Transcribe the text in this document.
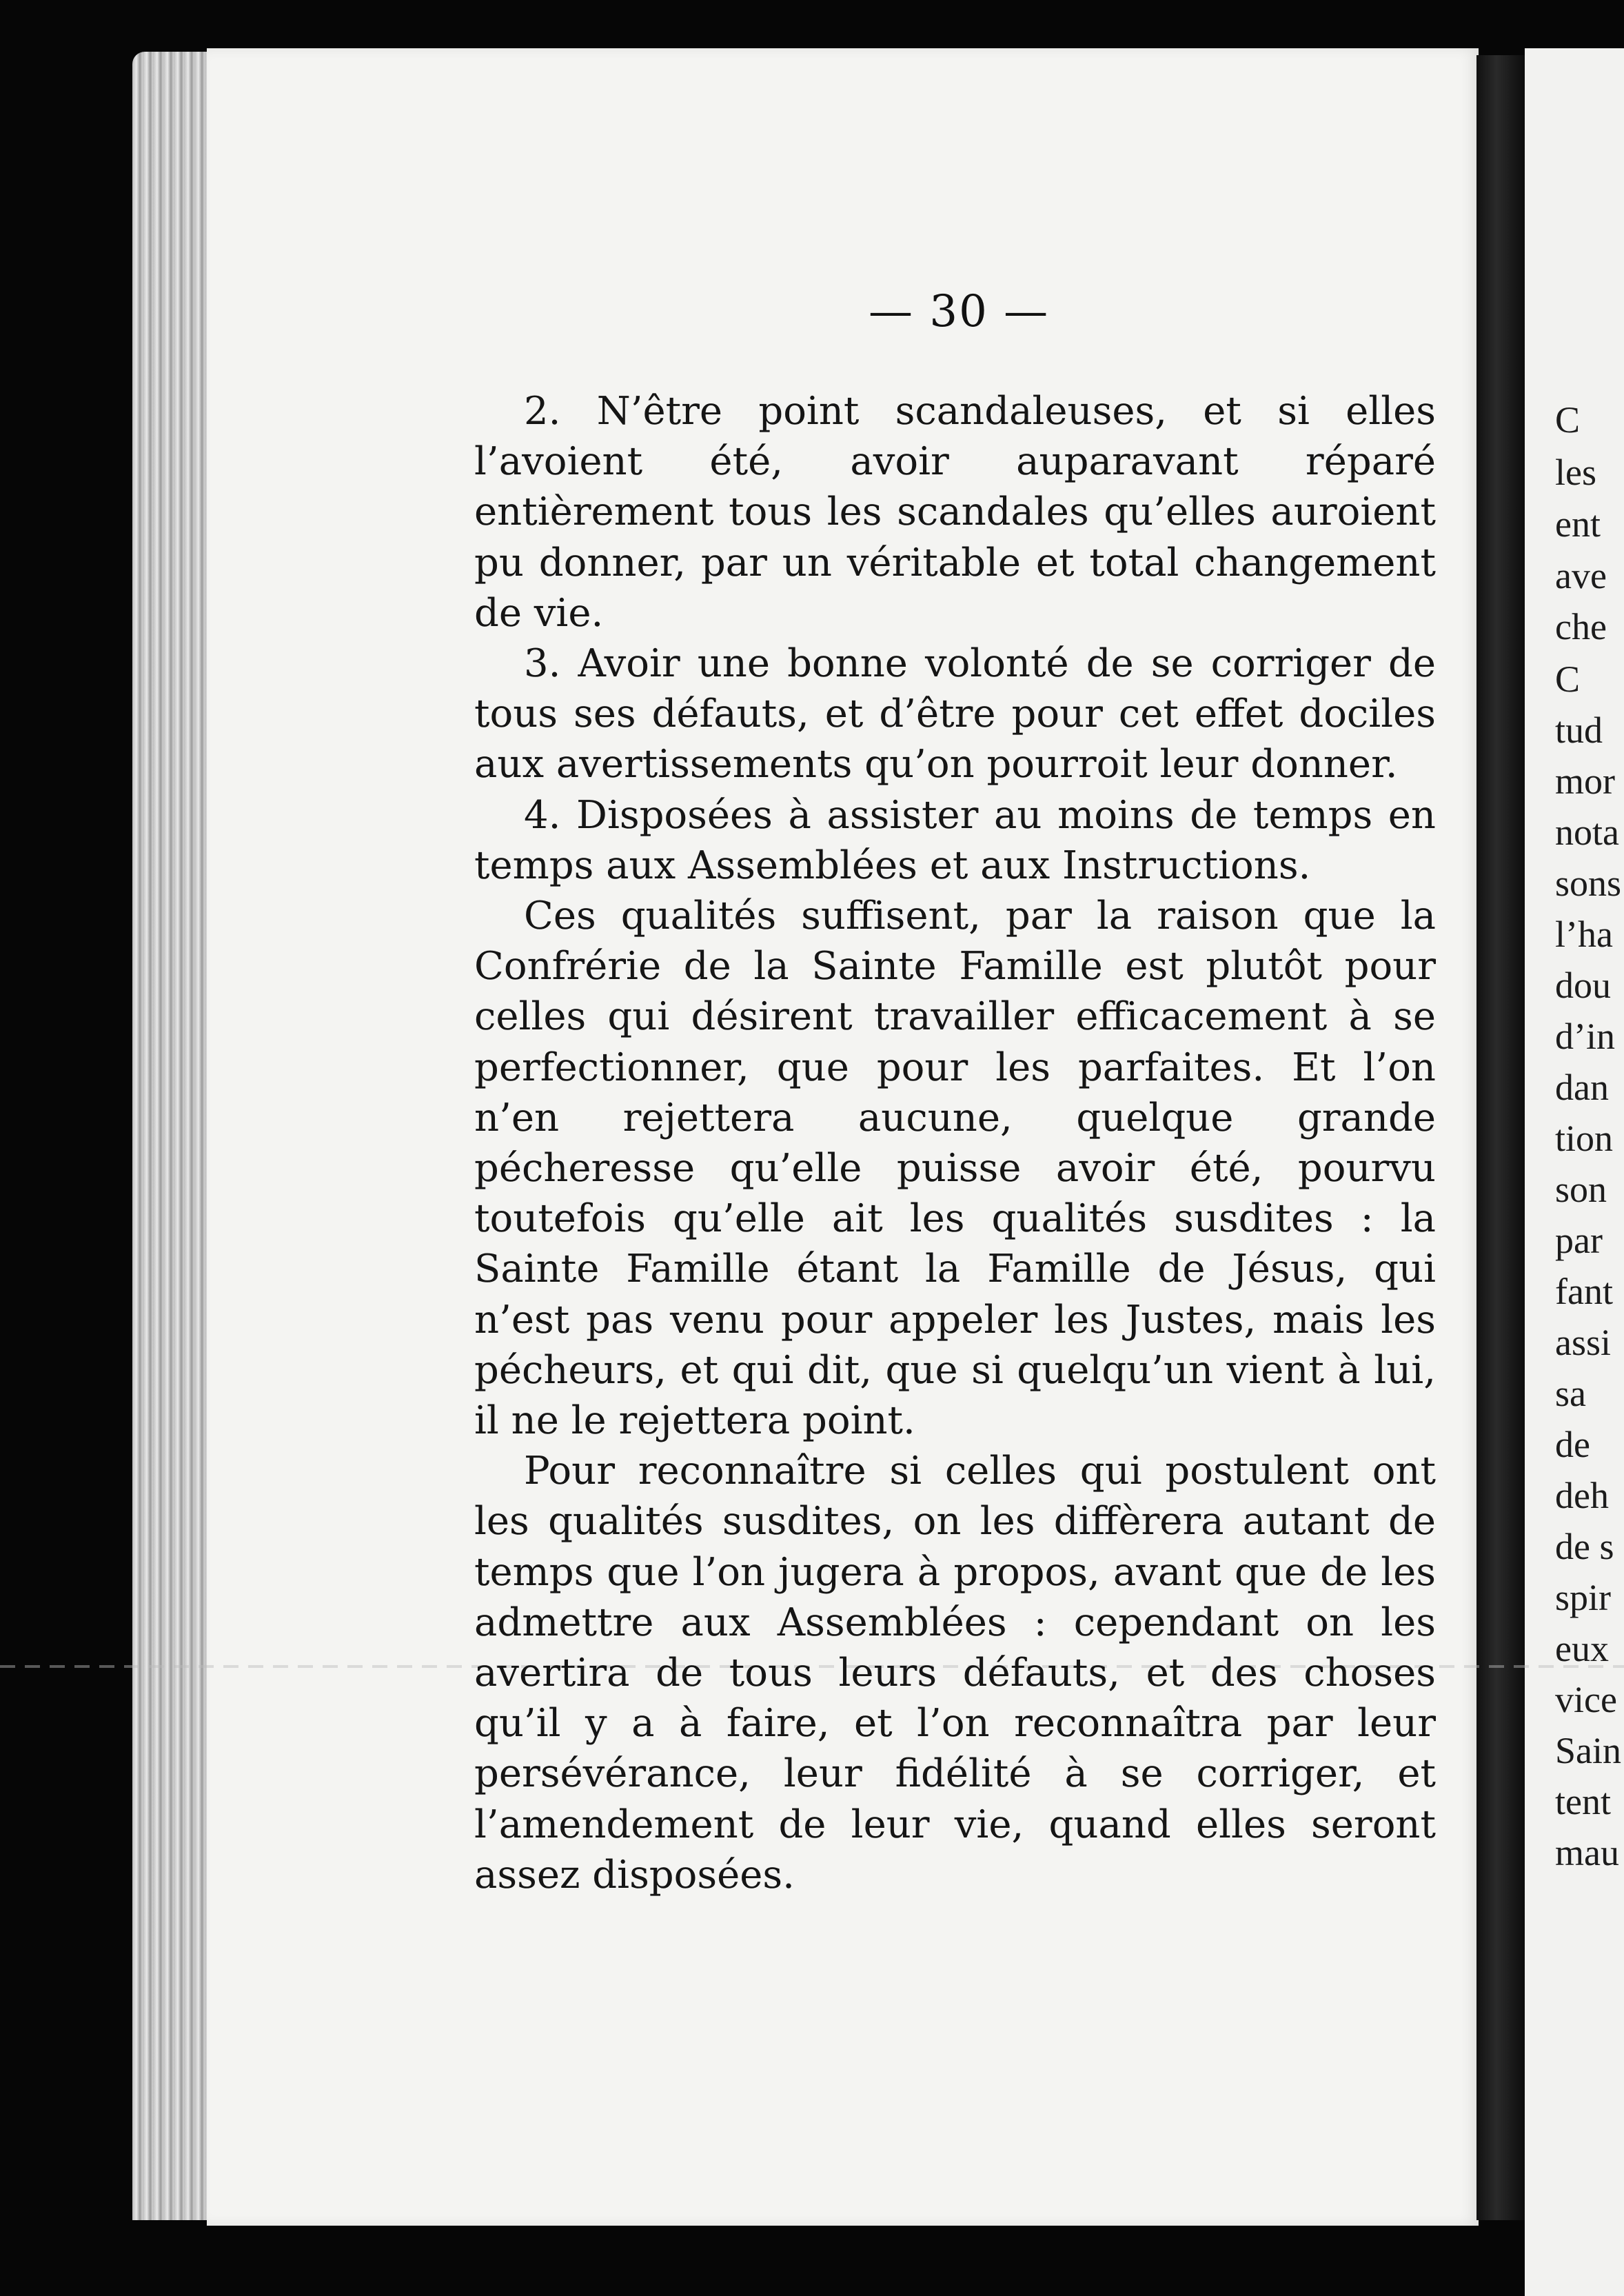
C
les
ent
ave
che
C
tud
mor
nota
sons
l’ha
dou
d’in
dan
tion
son
par
fant
assi
sa
de
deh
de s
spir
eux
vice
Sain
tent
mau
— 30 —

2. N’être point scandaleuses, et si elles l’avoient été, avoir auparavant réparé entièrement tous les scandales qu’elles auroient pu donner, par un véritable et total changement de vie.

3. Avoir une bonne volonté de se corriger de tous ses défauts, et d’être pour cet effet dociles aux avertissements qu’on pourroit leur donner.

4. Disposées à assister au moins de temps en temps aux Assemblées et aux Instructions.

Ces qualités suffisent, par la raison que la Confrérie de la Sainte Famille est plutôt pour celles qui désirent travailler efficacement à se perfectionner, que pour les parfaites. Et l’on n’en rejettera aucune, quelque grande pécheresse qu’elle puisse avoir été, pourvu toutefois qu’elle ait les qualités susdites : la Sainte Famille étant la Famille de Jésus, qui n’est pas venu pour appeler les Justes, mais les pécheurs, et qui dit, que si quelqu’un vient à lui, il ne le rejettera point.

Pour reconnaître si celles qui postulent ont les qualités susdites, on les diffèrera autant de temps que l’on jugera à propos, avant que de les admettre aux Assemblées : cependant on les avertira de tous leurs défauts, et des choses qu’il y a à faire, et l’on reconnaîtra par leur persévérance, leur fidélité à se corriger, et l’amendement de leur vie, quand elles seront assez disposées.
